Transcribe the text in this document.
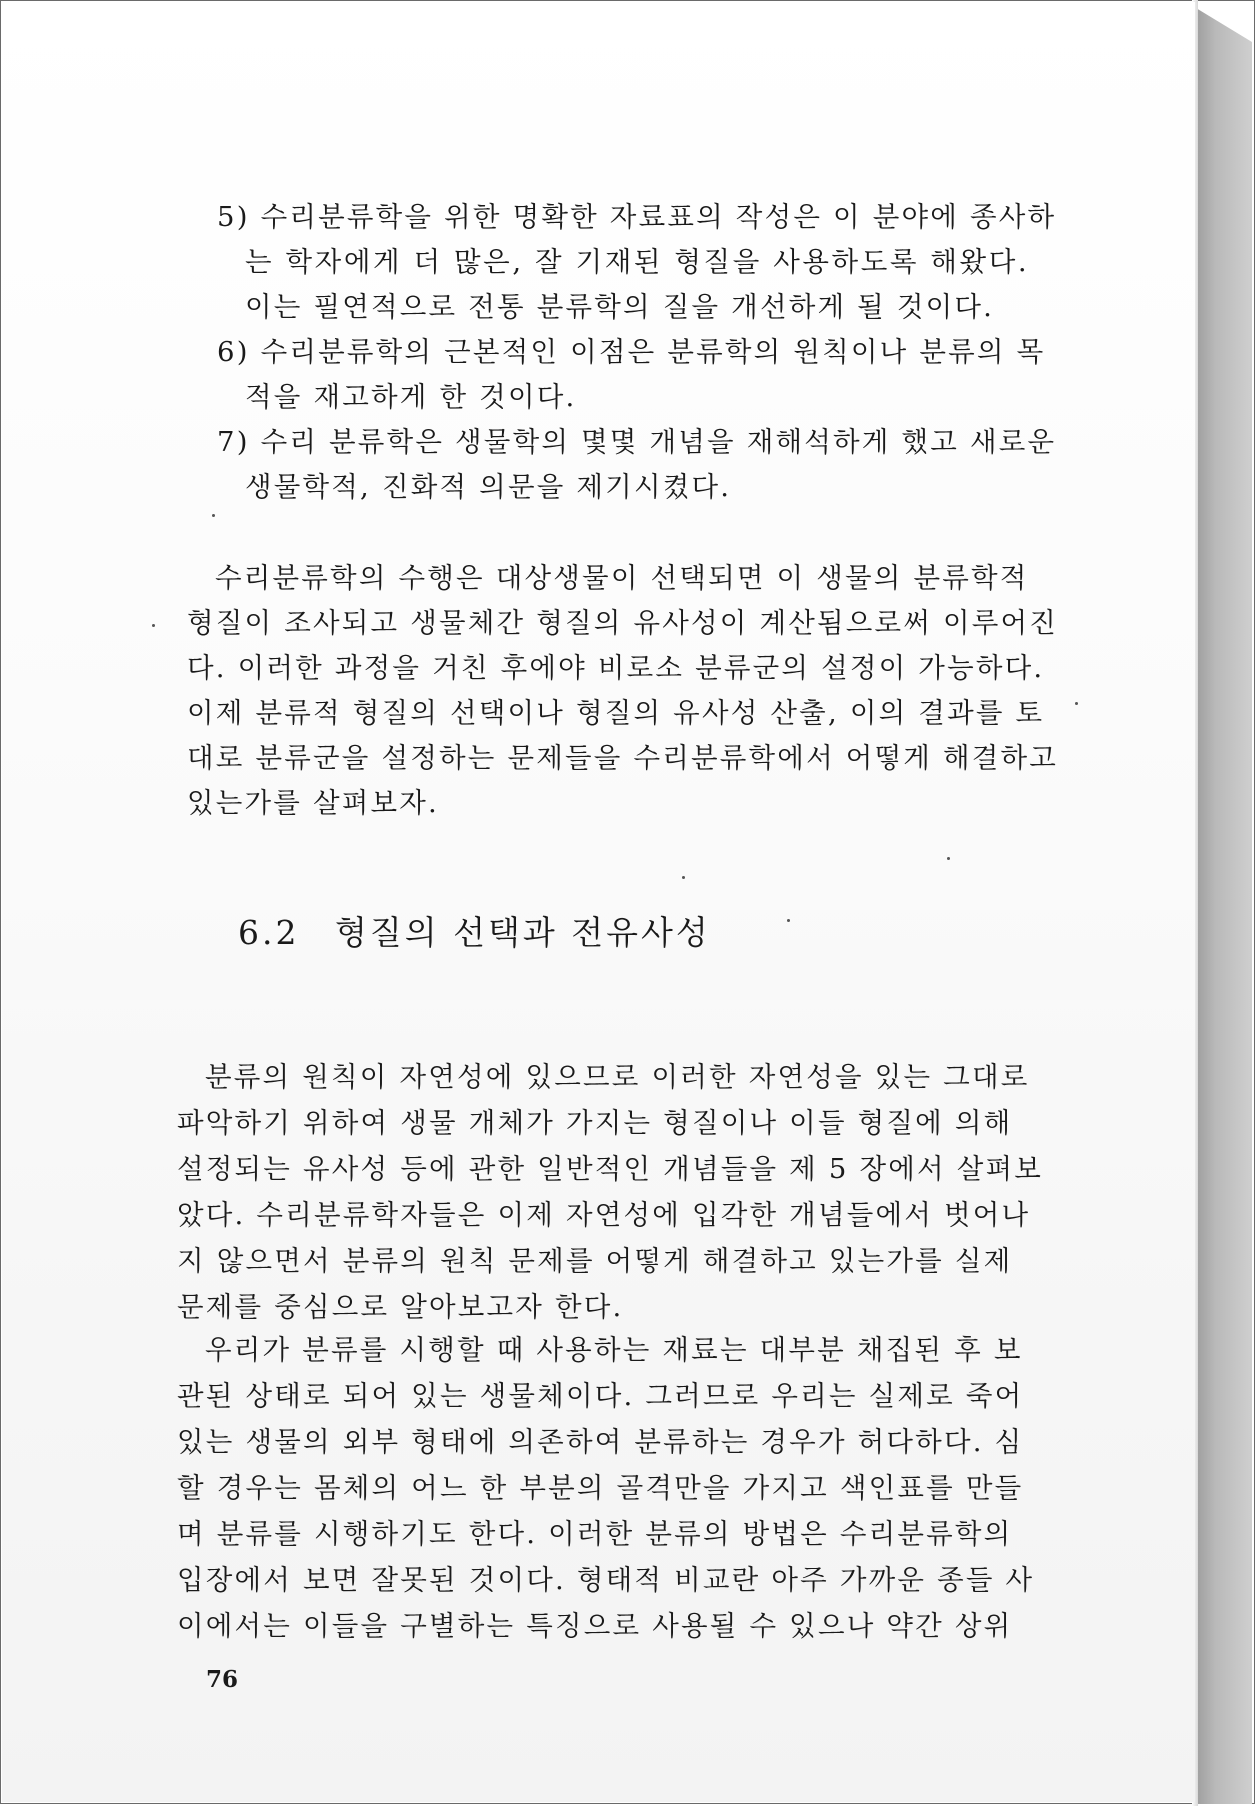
5) 수리분류학을 위한 명확한 자료표의 작성은 이 분야에 종사하
는 학자에게 더 많은, 잘 기재된 형질을 사용하도록 해왔다.
이는 필연적으로 전통 분류학의 질을 개선하게 될 것이다.
6) 수리분류학의 근본적인 이점은 분류학의 원칙이나 분류의 목
적을 재고하게 한 것이다.
7) 수리 분류학은 생물학의 몇몇 개념을 재해석하게 했고 새로운
생물학적, 진화적 의문을 제기시켰다.
수리분류학의 수행은 대상생물이 선택되면 이 생물의 분류학적
형질이 조사되고 생물체간 형질의 유사성이 계산됨으로써 이루어진
다. 이러한 과정을 거친 후에야 비로소 분류군의 설정이 가능하다.
이제 분류적 형질의 선택이나 형질의 유사성 산출, 이의 결과를 토
대로 분류군을 설정하는 문제들을 수리분류학에서 어떻게 해결하고
있는가를 살펴보자.
6.2 형질의 선택과 전유사성
분류의 원칙이 자연성에 있으므로 이러한 자연성을 있는 그대로
파악하기 위하여 생물 개체가 가지는 형질이나 이들 형질에 의해
설정되는 유사성 등에 관한 일반적인 개념들을 제 5 장에서 살펴보
았다. 수리분류학자들은 이제 자연성에 입각한 개념들에서 벗어나
지 않으면서 분류의 원칙 문제를 어떻게 해결하고 있는가를 실제
문제를 중심으로 알아보고자 한다.
우리가 분류를 시행할 때 사용하는 재료는 대부분 채집된 후 보
관된 상태로 되어 있는 생물체이다. 그러므로 우리는 실제로 죽어
있는 생물의 외부 형태에 의존하여 분류하는 경우가 허다하다. 심
할 경우는 몸체의 어느 한 부분의 골격만을 가지고 색인표를 만들
며 분류를 시행하기도 한다. 이러한 분류의 방법은 수리분류학의
입장에서 보면 잘못된 것이다. 형태적 비교란 아주 가까운 종들 사
이에서는 이들을 구별하는 특징으로 사용될 수 있으나 약간 상위
76
